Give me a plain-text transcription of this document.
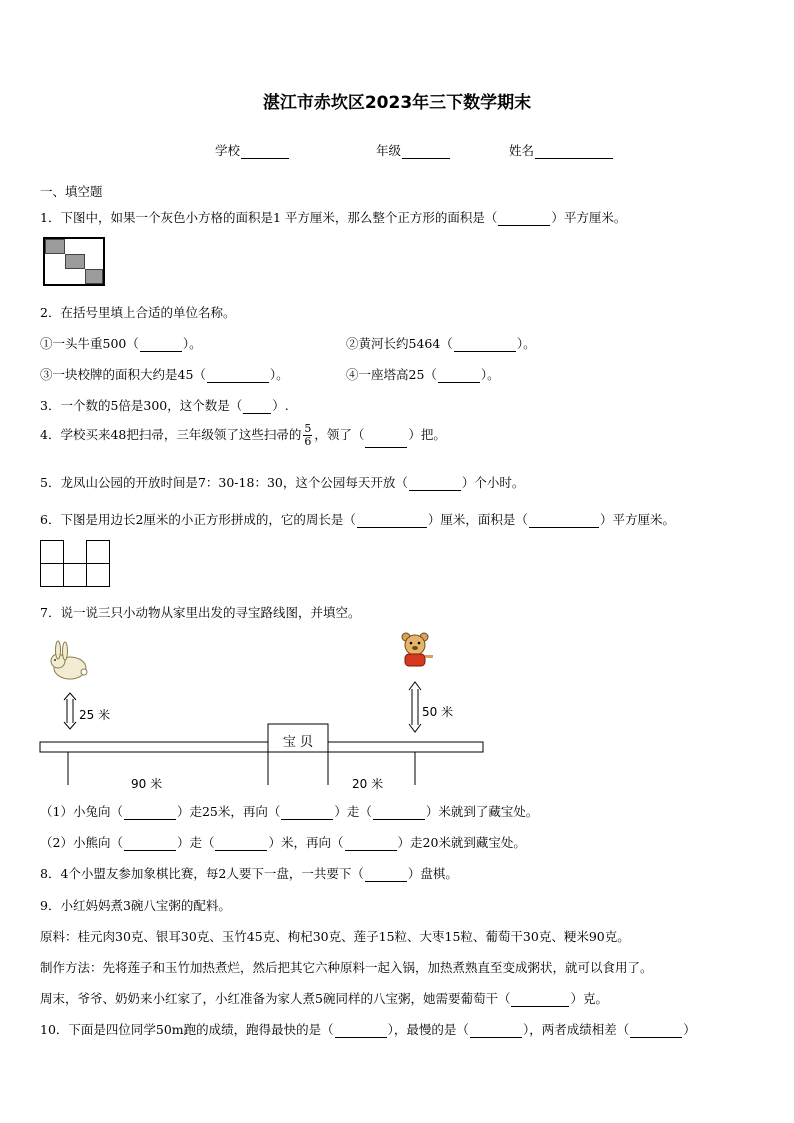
湛江市赤坎区2023年三下数学期末
学校	年级	姓名
一、填空题
1．下图中，如果一个灰色小方格的面积是1 平方厘米，那么整个正方形的面积是（	）平方厘米。
2．在括号里填上合适的单位名称。
①一头牛重500（	）。	②黄河长约5464（	）。
③一块校牌的面积大约是45（	）。	④一座塔高25（	）。
3．一个数的5倍是300，这个数是（ ）.
4．学校买来48把扫帚，三年级领了这些扫帚的 $\frac{5}{6}$ ，领了（	）把。
5．龙凤山公园的开放时间是7：30-18：30，这个公园每天开放（	）个小时。
6．下图是用边长2厘米的小正方形拼成的，它的周长是（	）厘米，面积是（	）平方厘米。
7．说一说三只小动物从家里出发的寻宝路线图，并填空。
25 米	50 米
宝 贝
90 米	20 米
（1）小兔向（	）走25米，再向（	）走（	）米就到了藏宝处。
（2）小熊向（	）走（	）米，再向（	）走20米就到藏宝处。
8．4个小盟友参加象棋比赛，每2人要下一盘，一共要下（	）盘棋。
9．小红妈妈煮3碗八宝粥的配料。
原料：桂元肉30克、银耳30克、玉竹45克、枸杞30克、莲子15粒、大枣15粒、葡萄干30克、粳米90克。
制作方法：先将莲子和玉竹加热煮烂，然后把其它六种原料一起入锅，加热煮熟直至变成粥状，就可以食用了。
周末，爷爷、奶奶来小红家了，小红准备为家人煮5碗同样的八宝粥，她需要葡萄干（	）克。
10．下面是四位同学50m跑的成绩，跑得最快的是（	），最慢的是（	），两者成绩相差（	）
